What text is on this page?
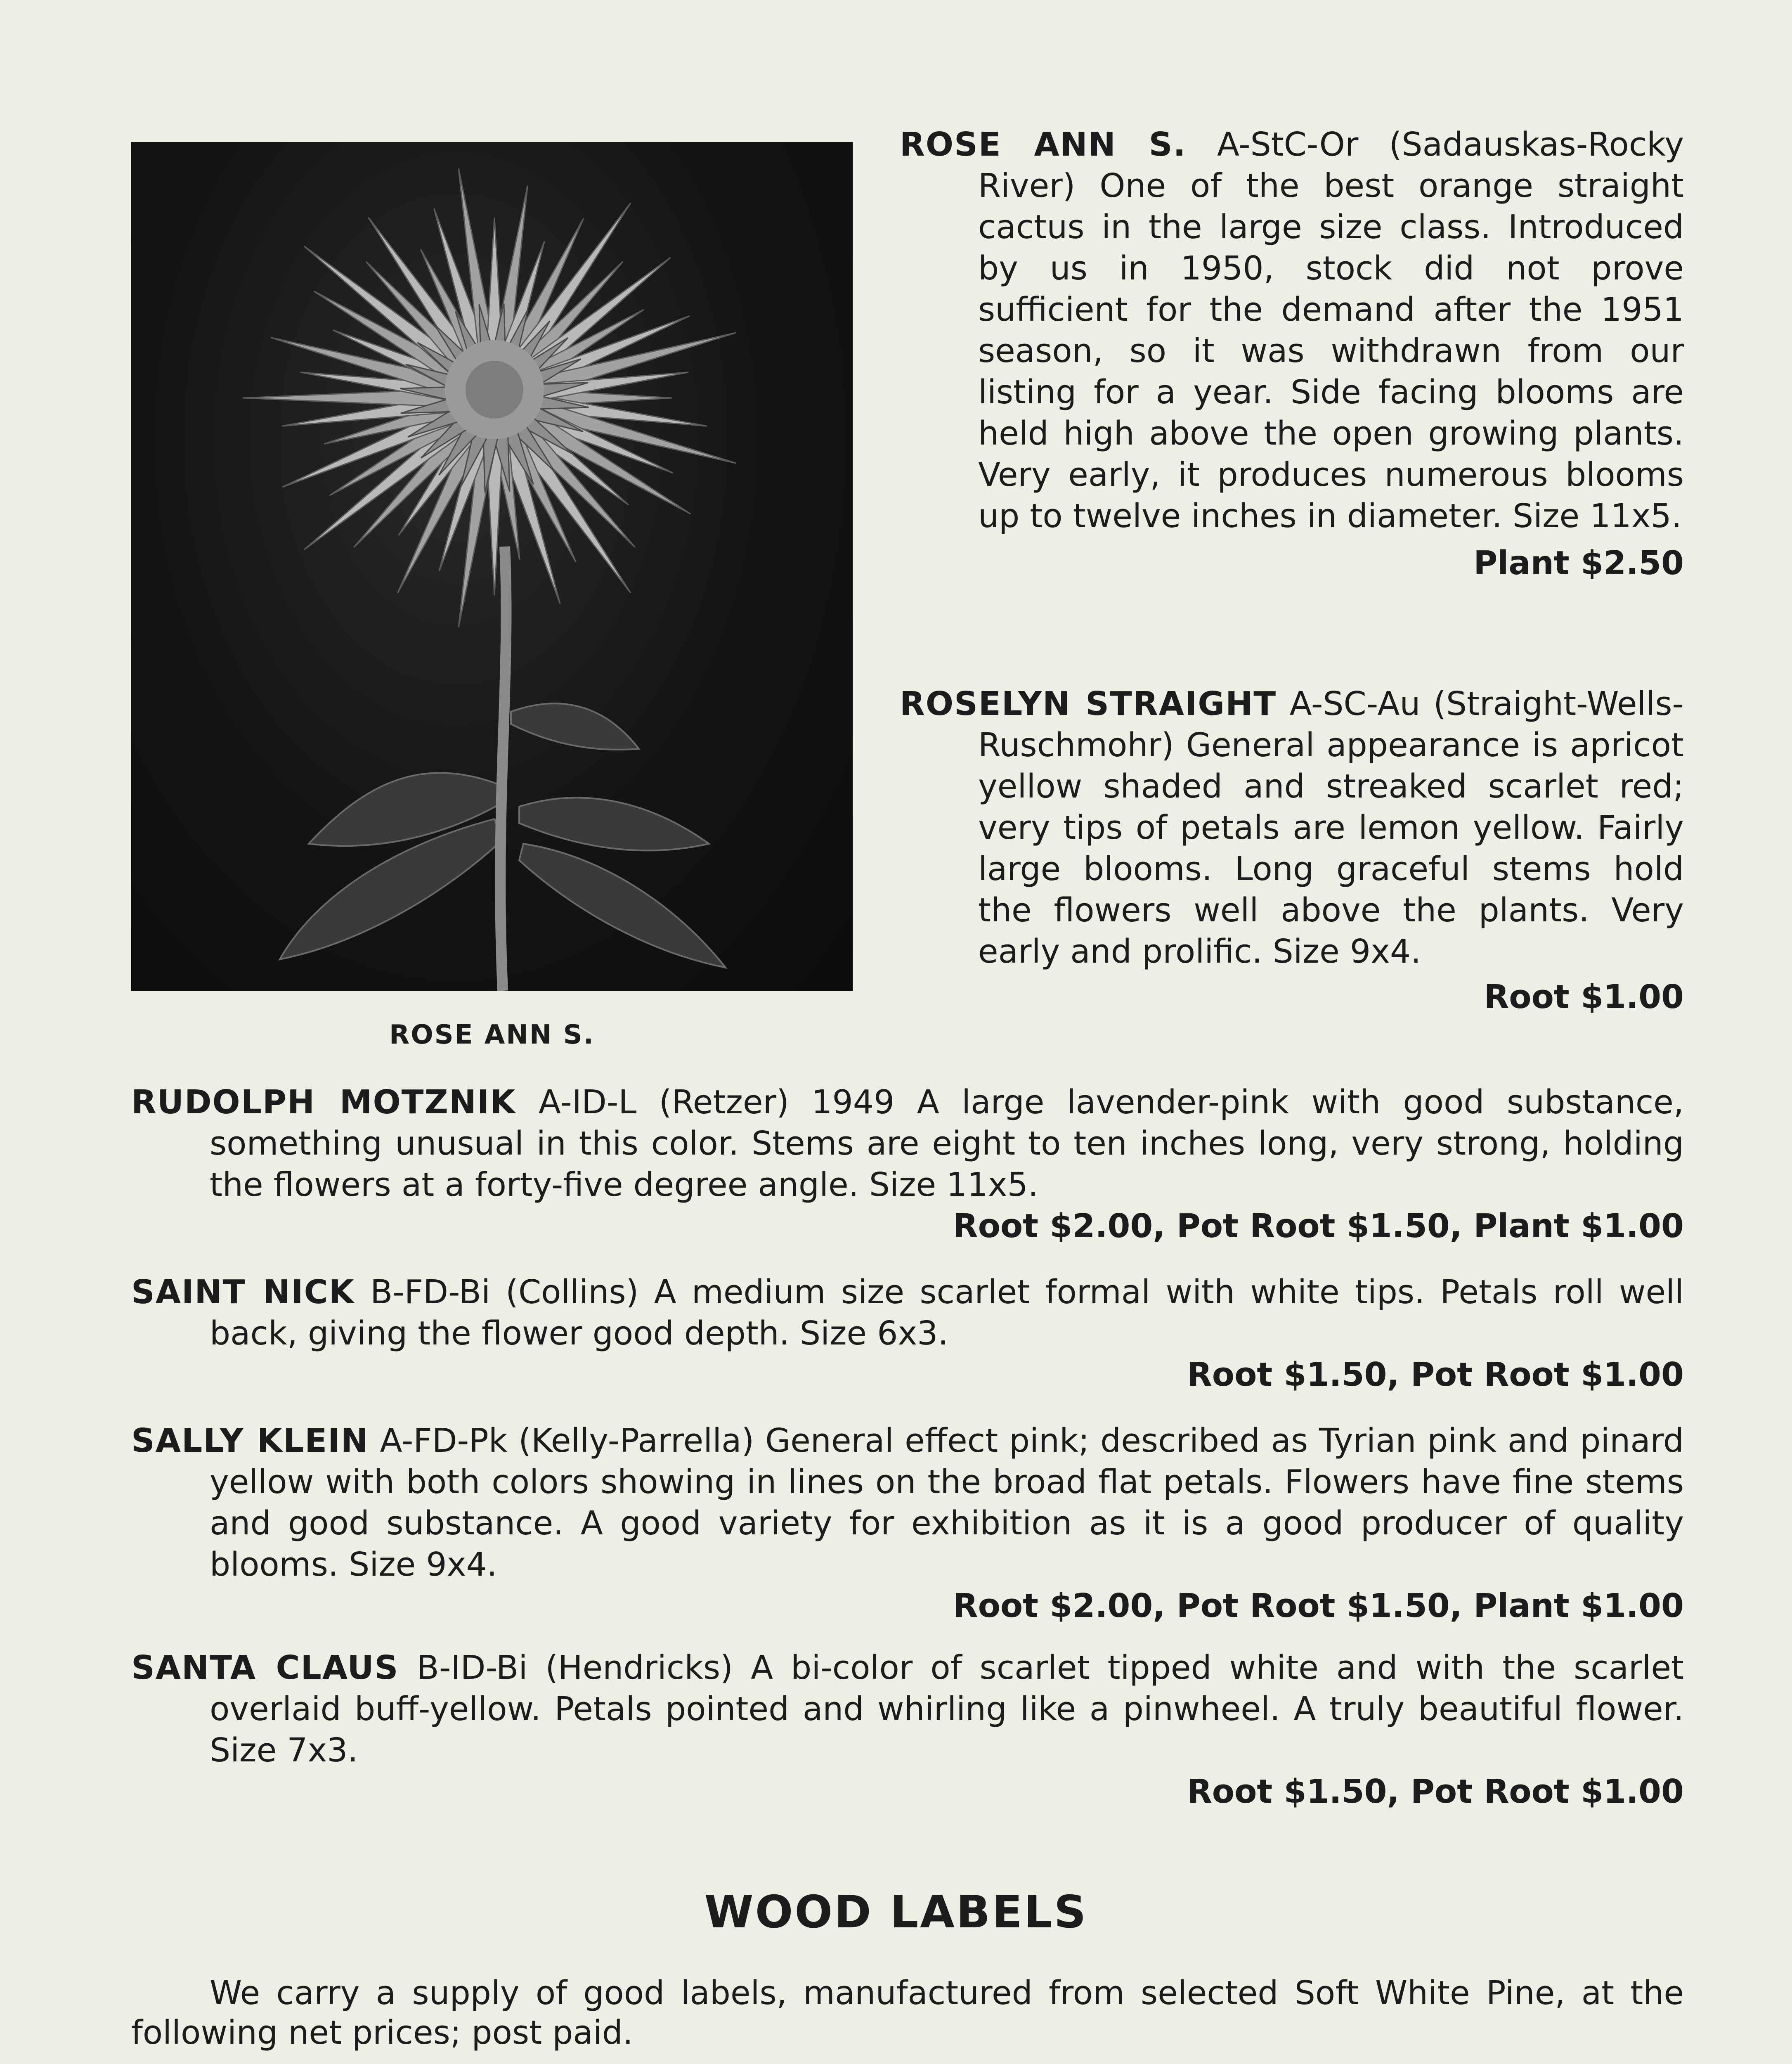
ROSE ANN S.

ROSE ANN S. A-StC-Or (Sadauskas-Rocky River) One of the best orange straight cactus in the large size class. Introduced by us in 1950, stock did not prove sufficient for the demand after the 1951 season, so it was withdrawn from our listing for a year. Side facing blooms are held high above the open growing plants. Very early, it produces numerous blooms up to twelve inches in diameter. Size 11x5.

Plant $2.50

ROSELYN STRAIGHT A-SC-Au (Straight-Wells-Ruschmohr) General appearance is apricot yellow shaded and streaked scarlet red; very tips of petals are lemon yellow. Fairly large blooms. Long graceful stems hold the flowers well above the plants. Very early and prolific. Size 9x4.

Root $1.00

RUDOLPH MOTZNIK A-ID-L (Retzer) 1949 A large lavender-pink with good substance, something unusual in this color. Stems are eight to ten inches long, very strong, holding the flowers at a forty-five degree angle. Size 11x5.

Root $2.00, Pot Root $1.50, Plant $1.00

SAINT NICK B-FD-Bi (Collins) A medium size scarlet formal with white tips. Petals roll well back, giving the flower good depth. Size 6x3.

Root $1.50, Pot Root $1.00

SALLY KLEIN A-FD-Pk (Kelly-Parrella) General effect pink; described as Tyrian pink and pinard yellow with both colors showing in lines on the broad flat petals. Flowers have fine stems and good substance. A good variety for exhibition as it is a good producer of quality blooms. Size 9x4.

Root $2.00, Pot Root $1.50, Plant $1.00

SANTA CLAUS B-ID-Bi (Hendricks) A bi-color of scarlet tipped white and with the scarlet overlaid buff-yellow. Petals pointed and whirling like a pinwheel. A truly beautiful flower. Size 7x3.

Root $1.50, Pot Root $1.00
WOOD LABELS
We carry a supply of good labels, manufactured from selected Soft White Pine, at the following net prices; post paid.
